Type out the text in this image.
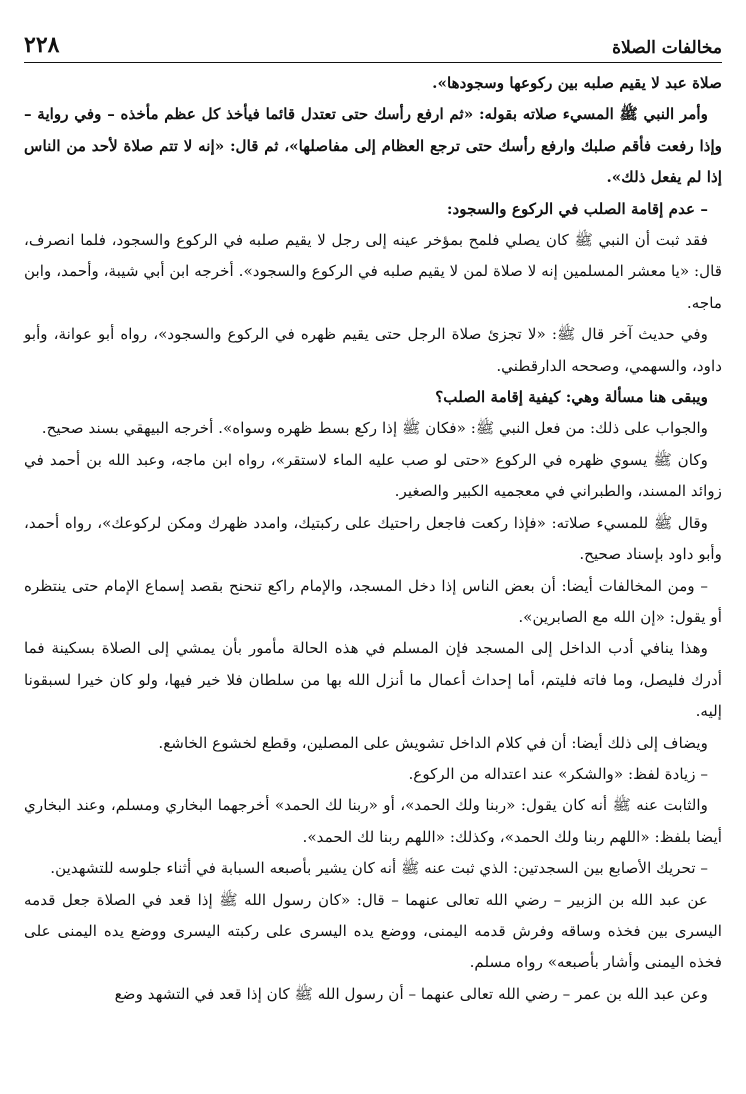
٢٢٨	مخالفات الصلاة

صلاة عبد لا يقيم صلبه بين ركوعها وسجودها».

وأمر النبي ﷺ المسيء صلاته بقوله: «ثم ارفع رأسك حتى تعتدل قائما فيأخذ كل عظم مأخذه – وفي رواية – وإذا رفعت فأقم صلبك وارفع رأسك حتى ترجع العظام إلى مفاصلها»، ثم قال: «إنه لا تتم صلاة لأحد من الناس إذا لم يفعل ذلك».

– عدم إقامة الصلب في الركوع والسجود:

فقد ثبت أن النبي ﷺ كان يصلي فلمح بمؤخر عينه إلى رجل لا يقيم صلبه في الركوع والسجود، فلما انصرف، قال: «يا معشر المسلمين إنه لا صلاة لمن لا يقيم صلبه في الركوع والسجود». أخرجه ابن أبي شيبة، وأحمد، وابن ماجه.

وفي حديث آخر قال ﷺ: «لا تجزئ صلاة الرجل حتى يقيم ظهره في الركوع والسجود»، رواه أبو عوانة، وأبو داود، والسهمي، وصححه الدارقطني.

ويبقى هنا مسألة وهي: كيفية إقامة الصلب؟

والجواب على ذلك: من فعل النبي ﷺ: «فكان ﷺ إذا ركع بسط ظهره وسواه». أخرجه البيهقي بسند صحيح.

وكان ﷺ يسوي ظهره في الركوع «حتى لو صب عليه الماء لاستقر»، رواه ابن ماجه، وعبد الله بن أحمد في زوائد المسند، والطبراني في معجميه الكبير والصغير.

وقال ﷺ للمسيء صلاته: «فإذا ركعت فاجعل راحتيك على ركبتيك، وامدد ظهرك ومكن لركوعك»، رواه أحمد، وأبو داود بإسناد صحيح.

– ومن المخالفات أيضا: أن بعض الناس إذا دخل المسجد، والإمام راكع تنحنح بقصد إسماع الإمام حتى ينتظره أو يقول: «إن الله مع الصابرين».

وهذا ينافي أدب الداخل إلى المسجد فإن المسلم في هذه الحالة مأمور بأن يمشي إلى الصلاة بسكينة فما أدرك فليصل، وما فاته فليتم، أما إحداث أعمال ما أنزل الله بها من سلطان فلا خير فيها، ولو كان خيرا لسبقونا إليه.

ويضاف إلى ذلك أيضا: أن في كلام الداخل تشويش على المصلين، وقطع لخشوع الخاشع.

– زيادة لفظ: «والشكر» عند اعتداله من الركوع.

والثابت عنه ﷺ أنه كان يقول: «ربنا ولك الحمد»، أو «ربنا لك الحمد» أخرجهما البخاري ومسلم، وعند البخاري أيضا بلفظ: «اللهم ربنا ولك الحمد»، وكذلك: «اللهم ربنا لك الحمد».

– تحريك الأصابع بين السجدتين: الذي ثبت عنه ﷺ أنه كان يشير بأصبعه السبابة في أثناء جلوسه للتشهدين.

عن عبد الله بن الزبير – رضي الله تعالى عنهما – قال: «كان رسول الله ﷺ إذا قعد في الصلاة جعل قدمه اليسرى بين فخذه وساقه وفرش قدمه اليمنى، ووضع يده اليسرى على ركبته اليسرى ووضع يده اليمنى على فخذه اليمنى وأشار بأصبعه» رواه مسلم.

وعن عبد الله بن عمر – رضي الله تعالى عنهما – أن رسول الله ﷺ كان إذا قعد في التشهد وضع
